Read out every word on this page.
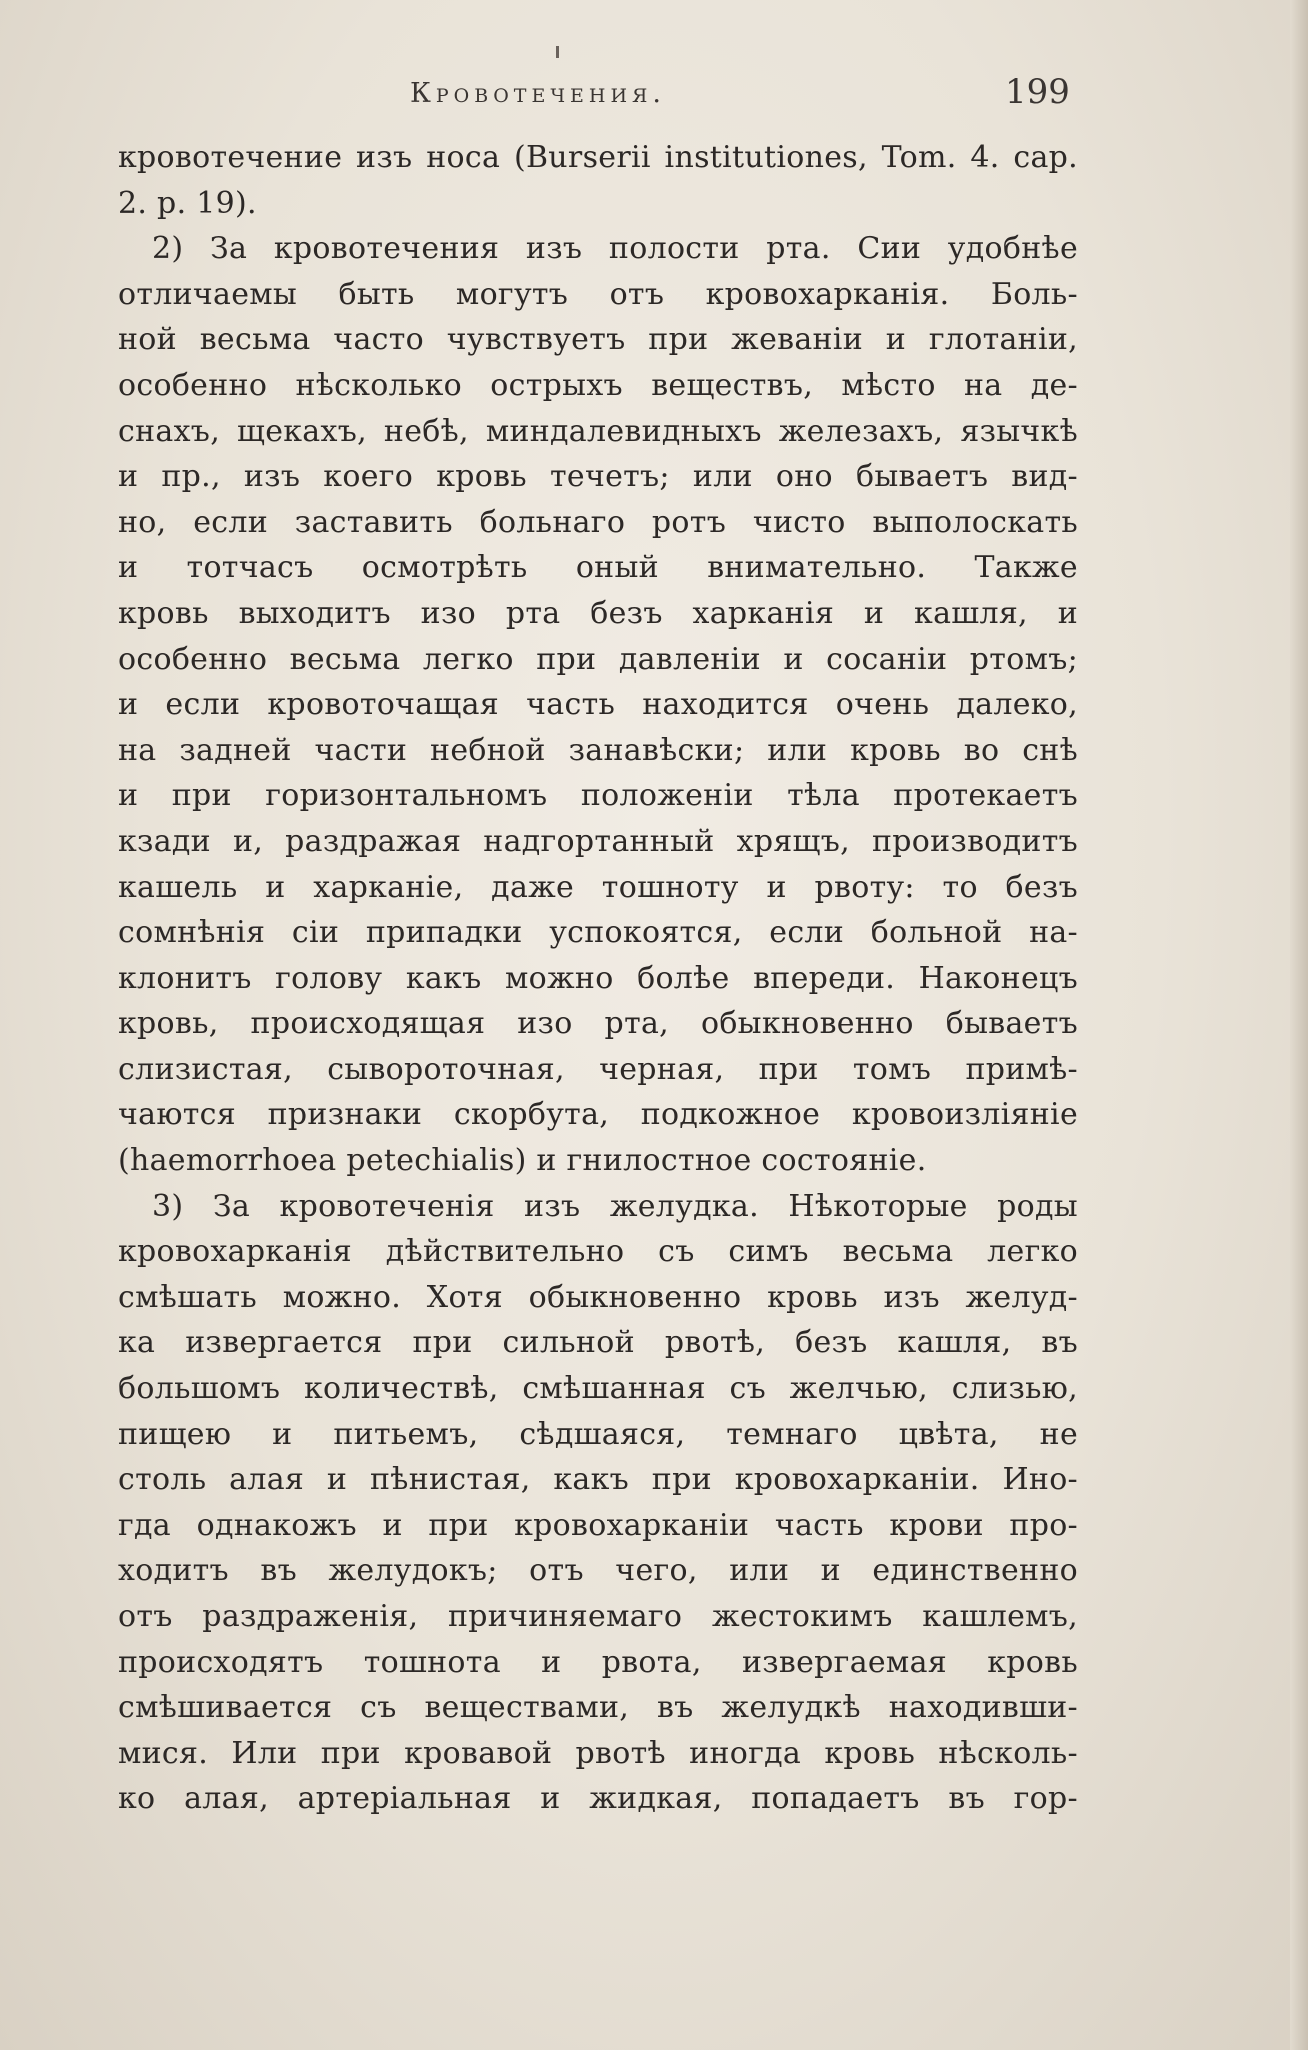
Кровотечения.	199
кровотечение изъ носа (Burserii institutiones, Tom. 4. cap.
2. p. 19).
2) За кровотечения изъ полости рта. Сии удобнѣе
отличаемы быть могутъ отъ кровохарканія. Боль-
ной весьма часто чувствуетъ при жеваніи и глотаніи,
особенно нѣсколько острыхъ веществъ, мѣсто на де-
снахъ, щекахъ, небѣ, миндалевидныхъ железахъ, язычкѣ
и пр., изъ коего кровь течетъ; или оно бываетъ вид-
но, если заставить больнаго ротъ чисто выполоскать
и тотчасъ осмотрѣть оный внимательно. Также
кровь выходитъ изо рта безъ харканія и кашля, и
особенно весьма легко при давленіи и сосаніи ртомъ;
и если кровоточащая часть находится очень далеко,
на задней части небной занавѣски; или кровь во снѣ
и при горизонтальномъ положеніи тѣла протекаетъ
кзади и, раздражая надгортанный хрящъ, производитъ
кашель и харканіе, даже тошноту и рвоту: то безъ
сомнѣнія сіи припадки успокоятся, если больной на-
клонитъ голову какъ можно болѣе впереди. Наконецъ
кровь, происходящая изо рта, обыкновенно бываетъ
слизистая, сывороточная, черная, при томъ примѣ-
чаются признаки скорбута, подкожное кровоизліяніе
(haemorrhoea petechialis) и гнилостное состояніе.
3) За кровотеченія изъ желудка. Нѣкоторые роды
кровохарканія дѣйствительно съ симъ весьма легко
смѣшать можно. Хотя обыкновенно кровь изъ желуд-
ка извергается при сильной рвотѣ, безъ кашля, въ
большомъ количествѣ, смѣшанная съ желчью, слизью,
пищею и питьемъ, сѣдшаяся, темнаго цвѣта, не
столь алая и пѣнистая, какъ при кровохарканіи. Ино-
гда однакожъ и при кровохарканіи часть крови про-
ходитъ въ желудокъ; отъ чего, или и единственно
отъ раздраженія, причиняемаго жестокимъ кашлемъ,
происходятъ тошнота и рвота, извергаемая кровь
смѣшивается съ веществами, въ желудкѣ находивши-
мися. Или при кровавой рвотѣ иногда кровь нѣсколь-
ко алая, артеріальная и жидкая, попадаетъ въ гор-
